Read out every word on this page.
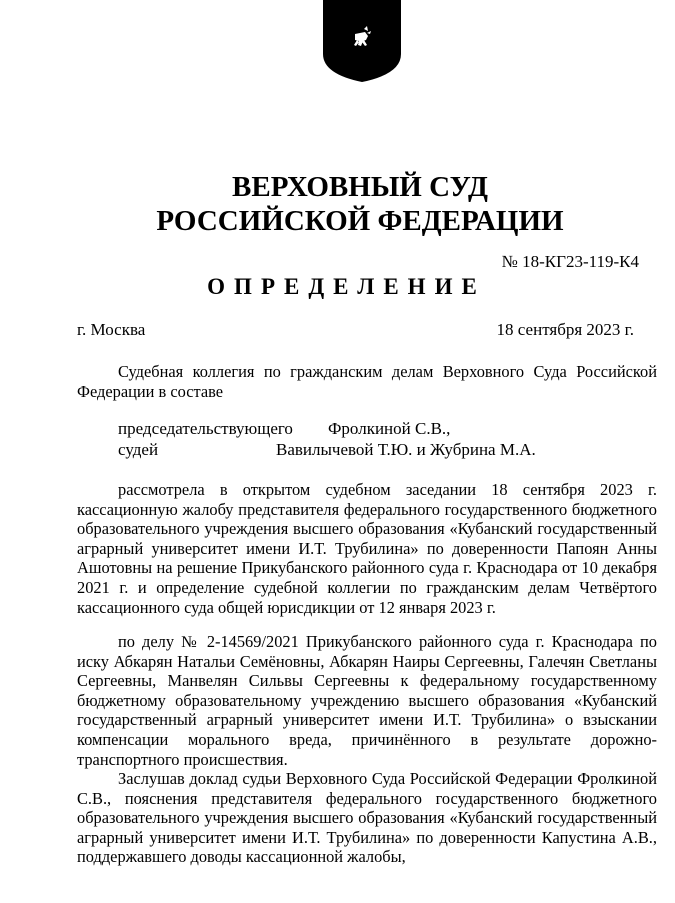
ВЕРХОВНЫЙ СУД
РОССИЙСКОЙ ФЕДЕРАЦИИ
№ 18-КГ23-119-К4
ОПРЕДЕЛЕНИЕ
г. Москва	18 сентября 2023 г.

Судебная коллегия по гражданским делам Верховного Суда Российской Федерации в составе

председательствующего	Фролкиной С.В.,
судей	Вавилычевой Т.Ю. и Жубрина М.А.

рассмотрела в открытом судебном заседании 18 сентября 2023 г. кассационную жалобу представителя федерального государственного бюджетного образовательного учреждения высшего образования «Кубанский государственный аграрный университет имени И.Т. Трубилина» по доверенности Папоян Анны Ашотовны на решение Прикубанского районного суда г. Краснодара от 10 декабря 2021 г. и определение судебной коллегии по гражданским делам Четвёртого кассационного суда общей юрисдикции от 12 января 2023 г.

по делу № 2-14569/2021 Прикубанского районного суда г. Краснодара по иску Абкарян Натальи Семёновны, Абкарян Наиры Сергеевны, Галечян Светланы Сергеевны, Манвелян Сильвы Сергеевны к федеральному государственному бюджетному образовательному учреждению высшего образования «Кубанский государственный аграрный университет имени И.Т. Трубилина» о взыскании компенсации морального вреда, причинённого в результате дорожно-транспортного происшествия.

Заслушав доклад судьи Верховного Суда Российской Федерации Фролкиной С.В., пояснения представителя федерального государственного бюджетного образовательного учреждения высшего образования «Кубанский государственный аграрный университет имени И.Т. Трубилина» по доверенности Капустина А.В., поддержавшего доводы кассационной жалобы,
